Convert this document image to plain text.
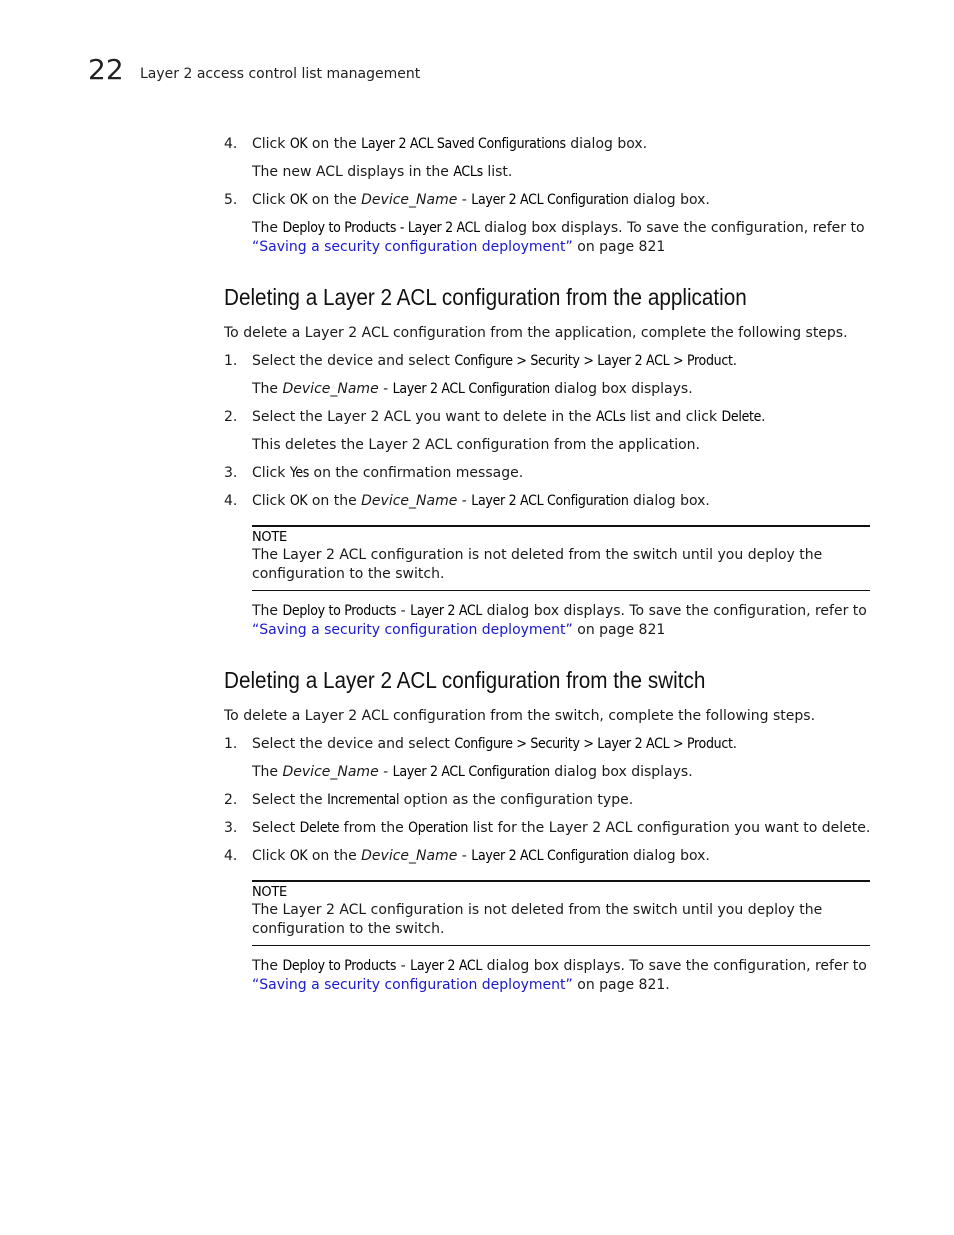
22 Layer 2 access control list management
4. Click OK on the Layer 2 ACL Saved Configurations dialog box.
The new ACL displays in the ACLs list.
5. Click OK on the Device_Name - Layer 2 ACL Configuration dialog box.
The Deploy to Products - Layer 2 ACL dialog box displays. To save the configuration, refer to
“Saving a security configuration deployment” on page 821
Deleting a Layer 2 ACL configuration from the application
To delete a Layer 2 ACL configuration from the application, complete the following steps.
1. Select the device and select Configure > Security > Layer 2 ACL > Product.
The Device_Name - Layer 2 ACL Configuration dialog box displays.
2. Select the Layer 2 ACL you want to delete in the ACLs list and click Delete.
This deletes the Layer 2 ACL configuration from the application.
3. Click Yes on the confirmation message.
4. Click OK on the Device_Name - Layer 2 ACL Configuration dialog box.
NOTE
The Layer 2 ACL configuration is not deleted from the switch until you deploy the configuration to the switch.
The Deploy to Products - Layer 2 ACL dialog box displays. To save the configuration, refer to
“Saving a security configuration deployment” on page 821
Deleting a Layer 2 ACL configuration from the switch
To delete a Layer 2 ACL configuration from the switch, complete the following steps.
1. Select the device and select Configure > Security > Layer 2 ACL > Product.
The Device_Name - Layer 2 ACL Configuration dialog box displays.
2. Select the Incremental option as the configuration type.
3. Select Delete from the Operation list for the Layer 2 ACL configuration you want to delete.
4. Click OK on the Device_Name - Layer 2 ACL Configuration dialog box.
NOTE
The Layer 2 ACL configuration is not deleted from the switch until you deploy the configuration to the switch.
The Deploy to Products - Layer 2 ACL dialog box displays. To save the configuration, refer to
“Saving a security configuration deployment” on page 821.
